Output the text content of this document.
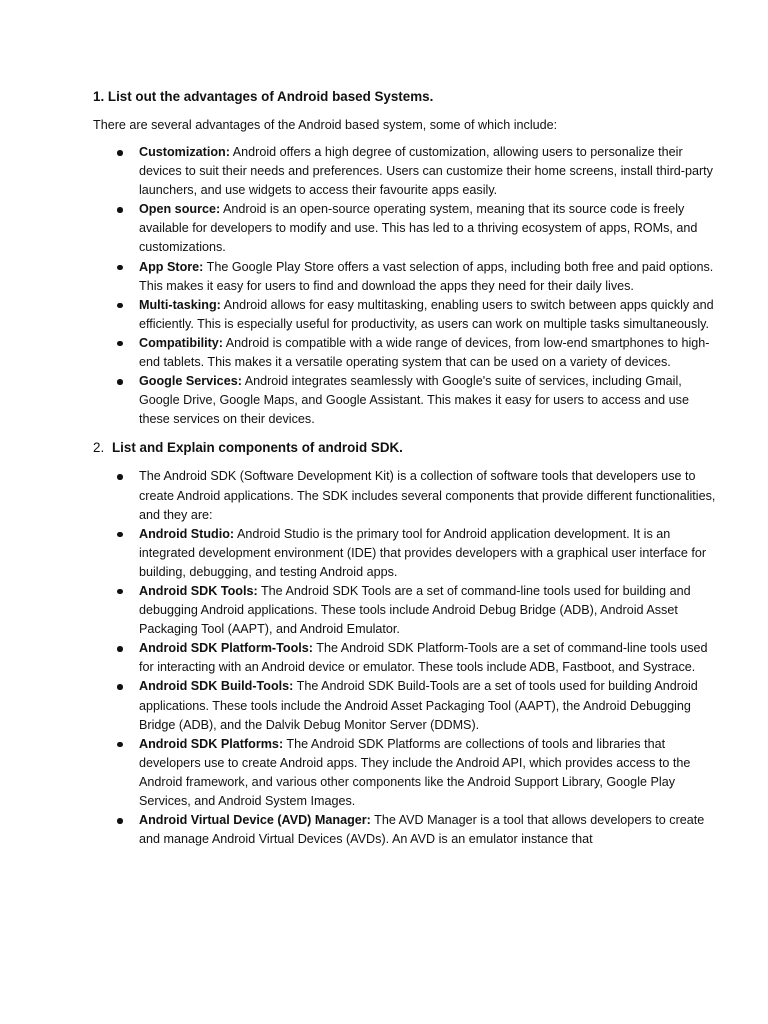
1. List out the advantages of Android based Systems.

There are several advantages of the Android based system, some of which include:

Customization: Android offers a high degree of customization, allowing users to personalize their devices to suit their needs and preferences. Users can customize their home screens, install third-party launchers, and use widgets to access their favourite apps easily.
Open source: Android is an open-source operating system, meaning that its source code is freely available for developers to modify and use. This has led to a thriving ecosystem of apps, ROMs, and customizations.
App Store: The Google Play Store offers a vast selection of apps, including both free and paid options. This makes it easy for users to find and download the apps they need for their daily lives.
Multi-tasking: Android allows for easy multitasking, enabling users to switch between apps quickly and efficiently. This is especially useful for productivity, as users can work on multiple tasks simultaneously.
Compatibility: Android is compatible with a wide range of devices, from low-end smartphones to high-end tablets. This makes it a versatile operating system that can be used on a variety of devices.
Google Services: Android integrates seamlessly with Google's suite of services, including Gmail, Google Drive, Google Maps, and Google Assistant. This makes it easy for users to access and use these services on their devices.
2. List and Explain components of android SDK.
The Android SDK (Software Development Kit) is a collection of software tools that developers use to create Android applications. The SDK includes several components that provide different functionalities, and they are:
Android Studio: Android Studio is the primary tool for Android application development. It is an integrated development environment (IDE) that provides developers with a graphical user interface for building, debugging, and testing Android apps.
Android SDK Tools: The Android SDK Tools are a set of command-line tools used for building and debugging Android applications. These tools include Android Debug Bridge (ADB), Android Asset Packaging Tool (AAPT), and Android Emulator.
Android SDK Platform-Tools: The Android SDK Platform-Tools are a set of command-line tools used for interacting with an Android device or emulator. These tools include ADB, Fastboot, and Systrace.
Android SDK Build-Tools: The Android SDK Build-Tools are a set of tools used for building Android applications. These tools include the Android Asset Packaging Tool (AAPT), the Android Debugging Bridge (ADB), and the Dalvik Debug Monitor Server (DDMS).
Android SDK Platforms: The Android SDK Platforms are collections of tools and libraries that developers use to create Android apps. They include the Android API, which provides access to the Android framework, and various other components like the Android Support Library, Google Play Services, and Android System Images.
Android Virtual Device (AVD) Manager: The AVD Manager is a tool that allows developers to create and manage Android Virtual Devices (AVDs). An AVD is an emulator instance that
